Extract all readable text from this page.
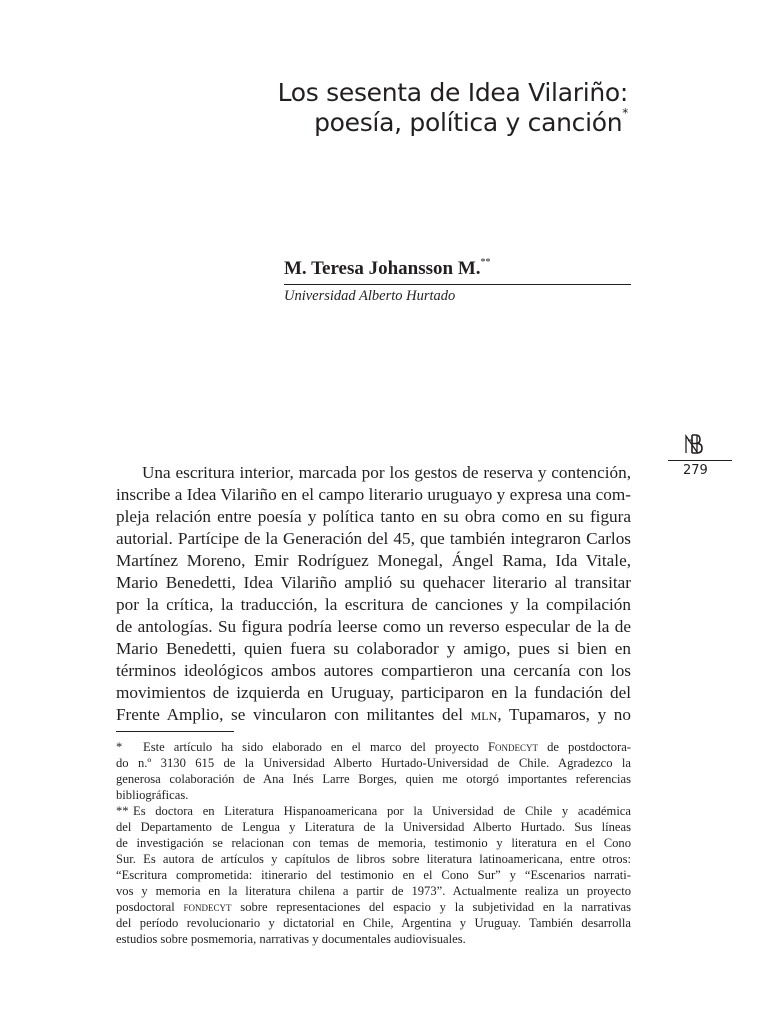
Los sesenta de Idea Vilariño:
poesía, política y canción*
M. Teresa Johansson M.**
Universidad Alberto Hurtado
279
Una escritura interior, marcada por los gestos de reserva y contención,
inscribe a Idea Vilariño en el campo literario uruguayo y expresa una com-
pleja relación entre poesía y política tanto en su obra como en su figura
autorial. Partícipe de la Generación del 45, que también integraron Carlos
Martínez Moreno, Emir Rodríguez Monegal, Ángel Rama, Ida Vitale,
Mario Benedetti, Idea Vilariño amplió su quehacer literario al transitar
por la crítica, la traducción, la escritura de canciones y la compilación
de antologías. Su figura podría leerse como un reverso especular de la de
Mario Benedetti, quien fuera su colaborador y amigo, pues si bien en
términos ideológicos ambos autores compartieron una cercanía con los
movimientos de izquierda en Uruguay, participaron en la fundación del
Frente Amplio, se vincularon con militantes del mln, Tupamaros, y no
* Este artículo ha sido elaborado en el marco del proyecto Fondecyt de postdoctora-
do n.º 3130 615 de la Universidad Alberto Hurtado-Universidad de Chile. Agradezco la
generosa colaboración de Ana Inés Larre Borges, quien me otorgó importantes referencias
bibliográficas.
** Es doctora en Literatura Hispanoamericana por la Universidad de Chile y académica
del Departamento de Lengua y Literatura de la Universidad Alberto Hurtado. Sus líneas
de investigación se relacionan con temas de memoria, testimonio y literatura en el Cono
Sur. Es autora de artículos y capítulos de libros sobre literatura latinoamericana, entre otros:
“Escritura comprometida: itinerario del testimonio en el Cono Sur” y “Escenarios narrati-
vos y memoria en la literatura chilena a partir de 1973”. Actualmente realiza un proyecto
posdoctoral fondecyt sobre representaciones del espacio y la subjetividad en la narrativas
del período revolucionario y dictatorial en Chile, Argentina y Uruguay. También desarrolla
estudios sobre posmemoria, narrativas y documentales audiovisuales.
